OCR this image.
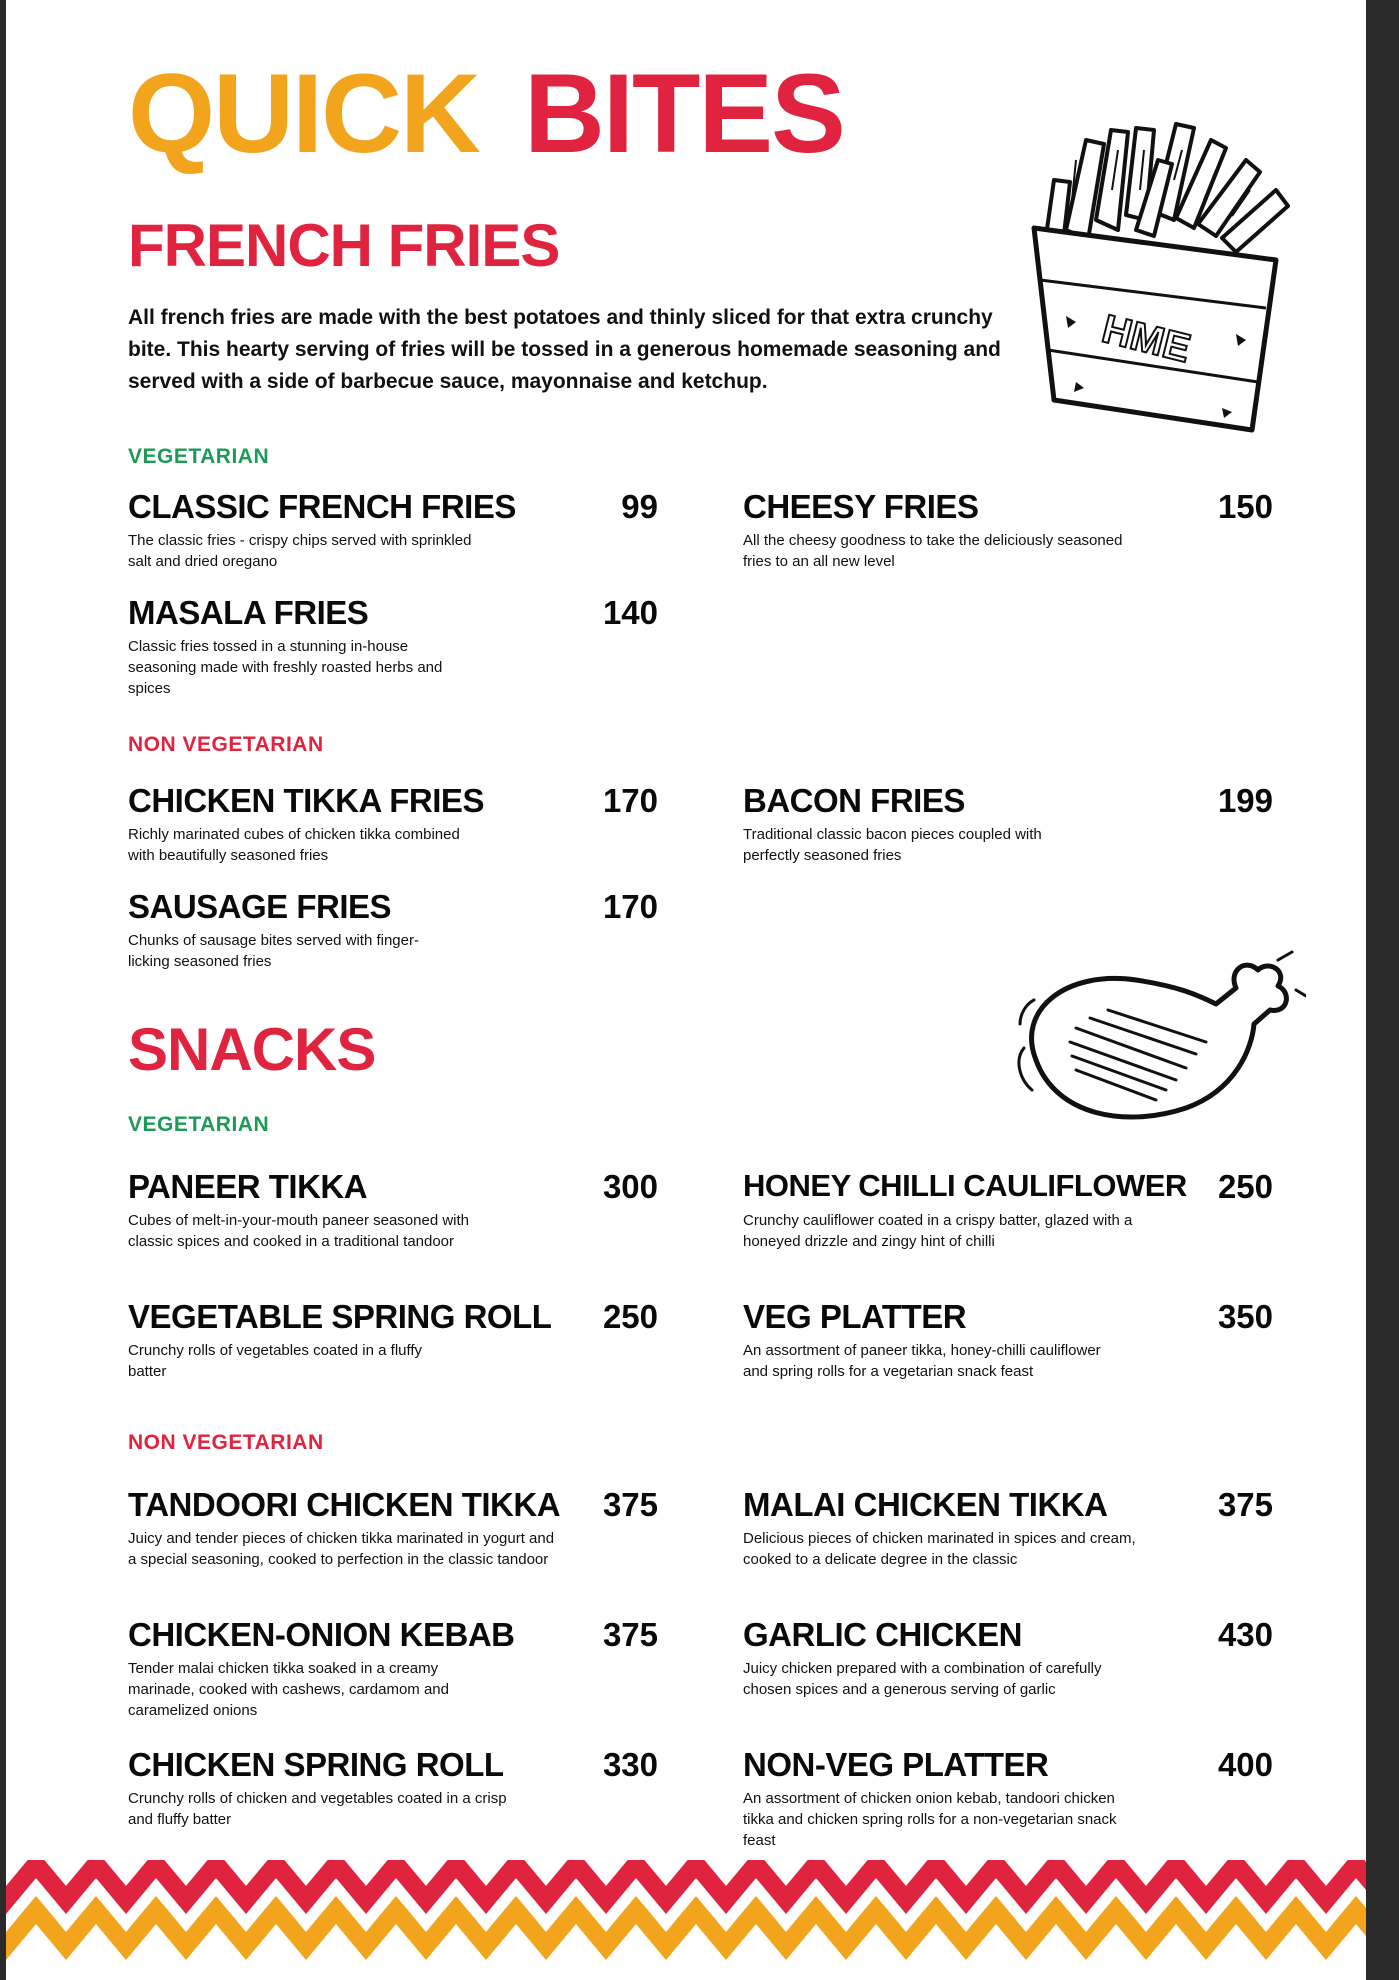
QUICK BITES
HME
FRENCH FRIES
All french fries are made with the best potatoes and thinly sliced for that extra crunchy bite. This hearty serving of fries will be tossed in a generous homemade seasoning and served with a side of barbecue sauce, mayonnaise and ketchup.
VEGETARIAN
CLASSIC FRENCH FRIES	99
The classic fries - crispy chips served with sprinkled salt and dried oregano
CHEESY FRIES	150
All the cheesy goodness to take the deliciously seasoned fries to an all new level
MASALA FRIES	140
Classic fries tossed in a stunning in-house seasoning made with freshly roasted herbs and spices
NON VEGETARIAN
CHICKEN TIKKA FRIES	170
Richly marinated cubes of chicken tikka combined with beautifully seasoned fries
BACON FRIES	199
Traditional classic bacon pieces coupled with perfectly seasoned fries
SAUSAGE FRIES	170
Chunks of sausage bites served with finger-licking seasoned fries
SNACKS
VEGETARIAN
PANEER TIKKA	300
Cubes of melt-in-your-mouth paneer seasoned with classic spices and cooked in a traditional tandoor
HONEY CHILLI CAULIFLOWER 250
Crunchy cauliflower coated in a crispy batter, glazed with a honeyed drizzle and zingy hint of chilli
VEGETABLE SPRING ROLL	250
Crunchy rolls of vegetables coated in a fluffy batter
VEG PLATTER	350
An assortment of paneer tikka, honey-chilli cauliflower and spring rolls for a vegetarian snack feast
NON VEGETARIAN
TANDOORI CHICKEN TIKKA	375
Juicy and tender pieces of chicken tikka marinated in yogurt and a special seasoning, cooked to perfection in the classic tandoor
MALAI CHICKEN TIKKA	375
Delicious pieces of chicken marinated in spices and cream, cooked to a delicate degree in the classic
CHICKEN-ONION KEBAB	375
Tender malai chicken tikka soaked in a creamy marinade, cooked with cashews, cardamom and caramelized onions
GARLIC CHICKEN	430
Juicy chicken prepared with a combination of carefully chosen spices and a generous serving of garlic
CHICKEN SPRING ROLL	330
Crunchy rolls of chicken and vegetables coated in a crisp and fluffy batter
NON-VEG PLATTER	400
An assortment of chicken onion kebab, tandoori chicken tikka and chicken spring rolls for a non-vegetarian snack feast
